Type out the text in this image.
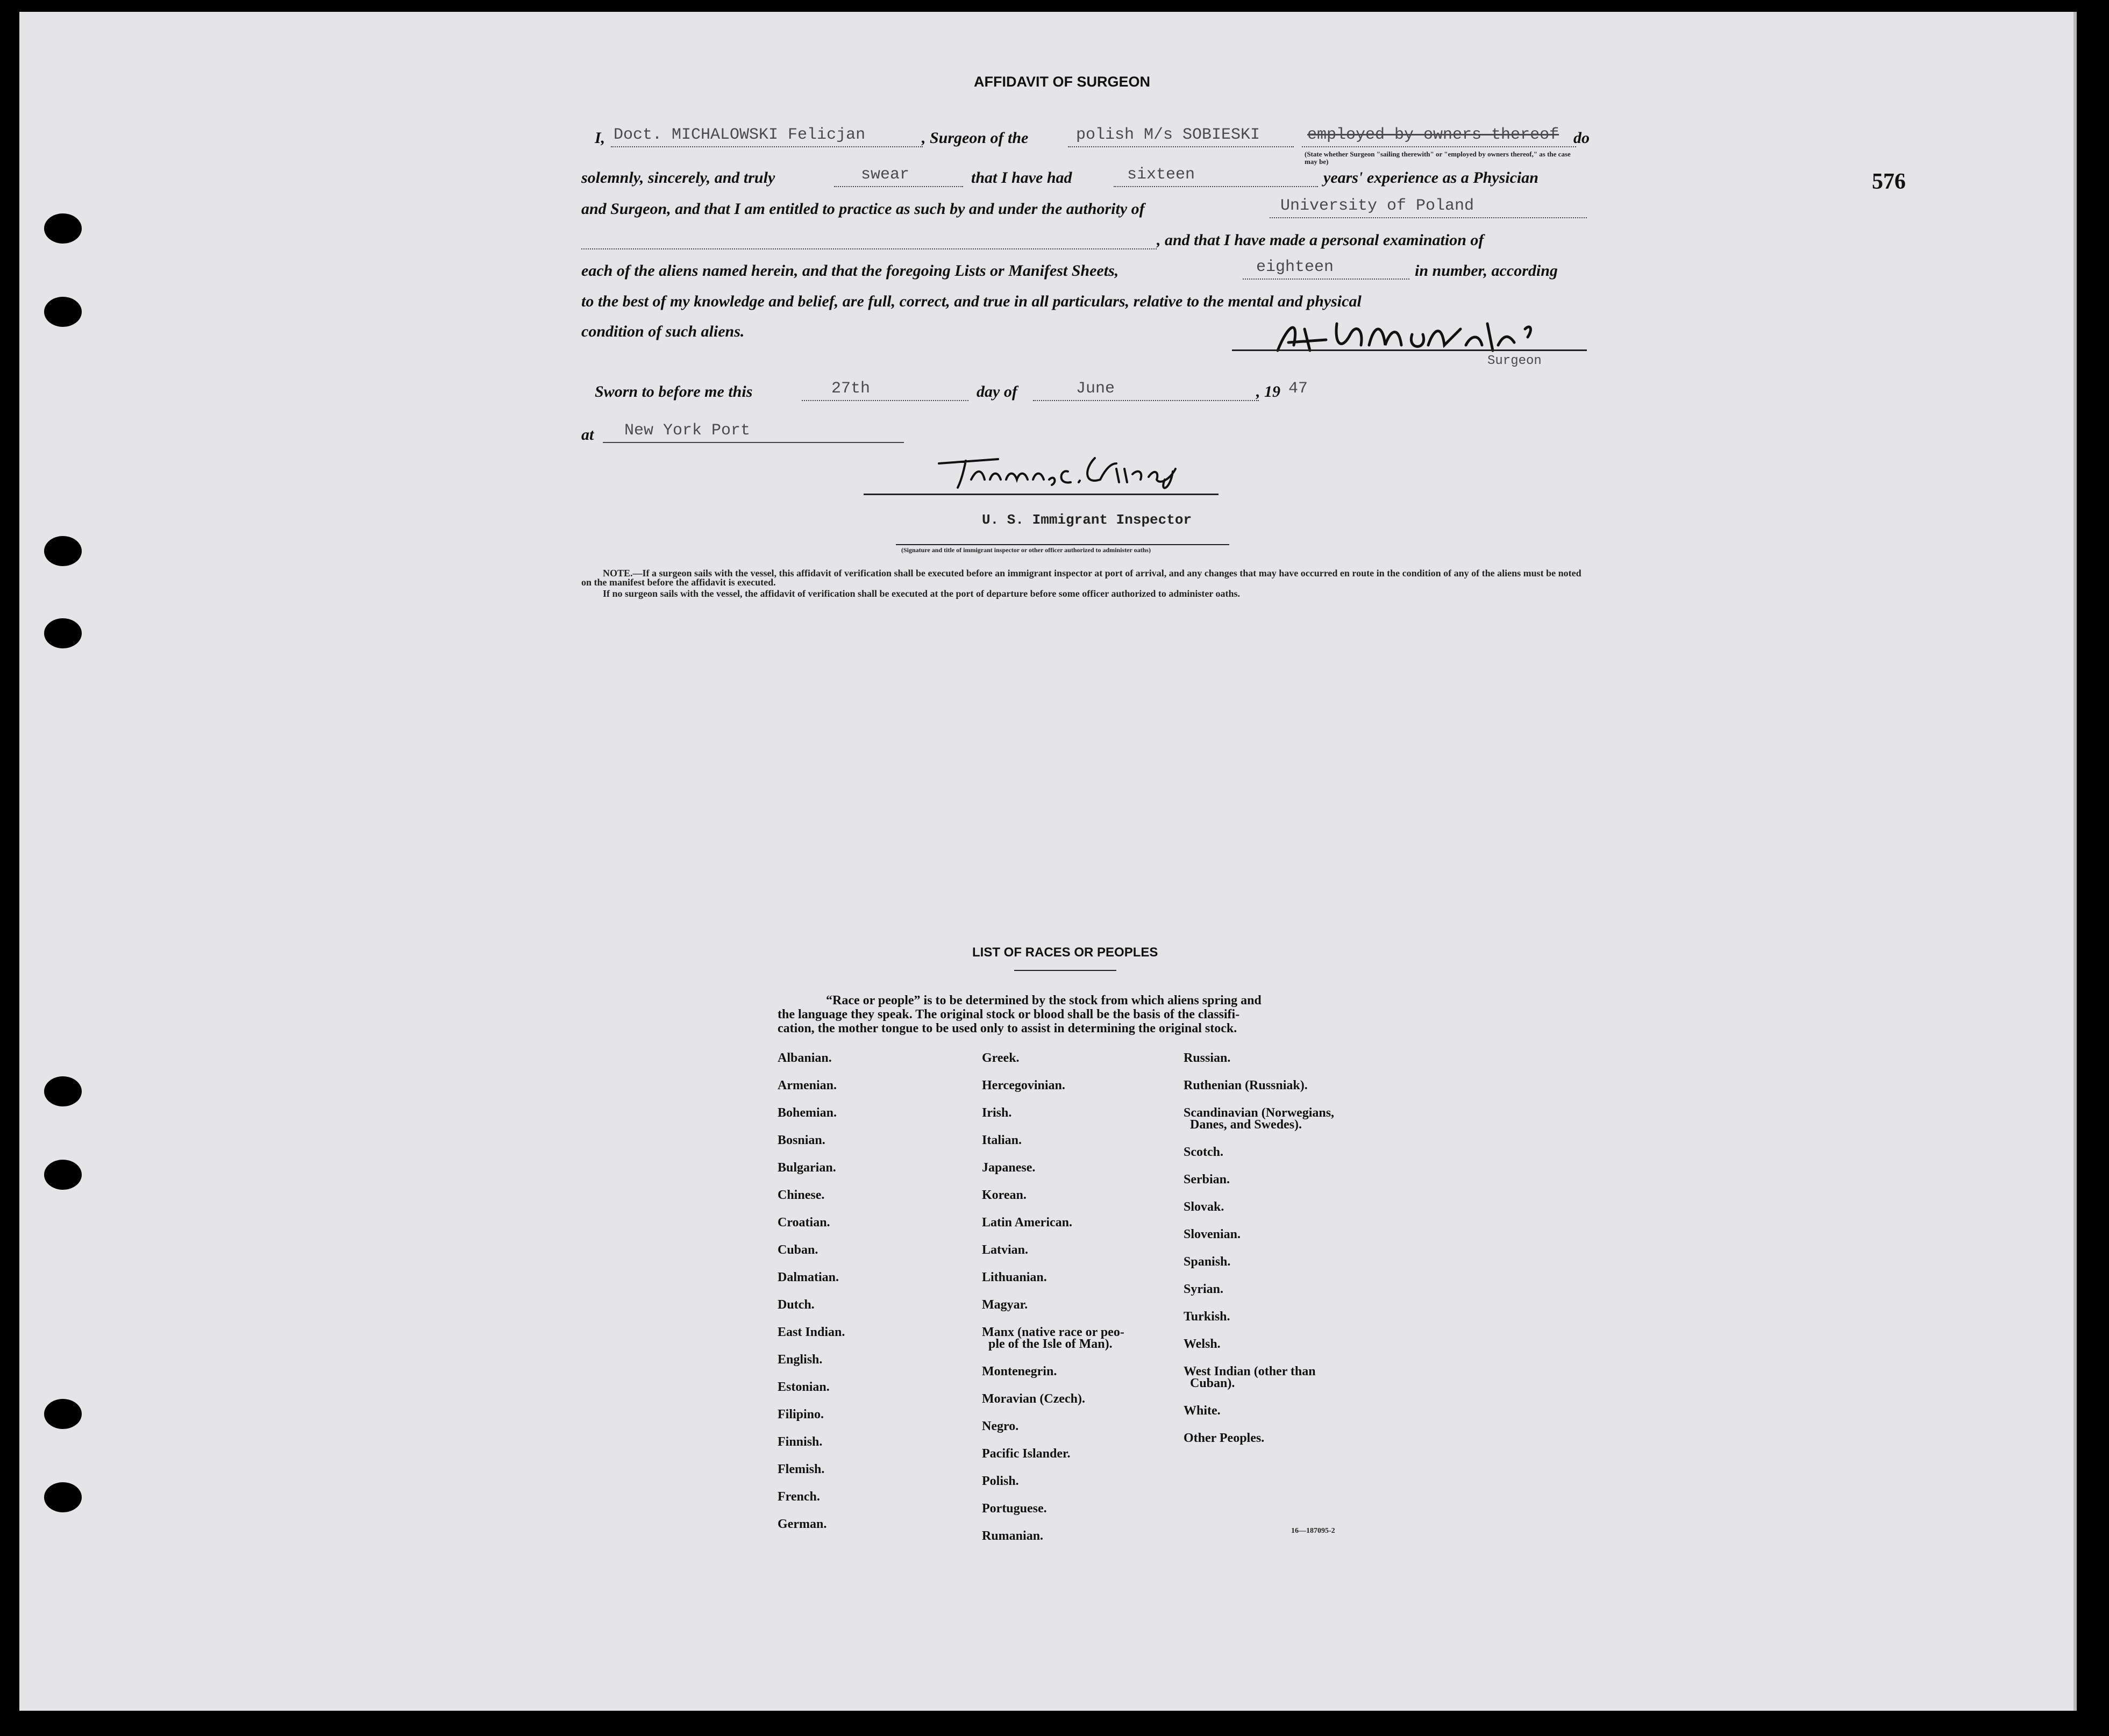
576
AFFIDAVIT OF SURGEON
I, Doct. MICHALOWSKI Felicjan	, Surgeon of the	polish M/s SOBIESKI	employed by owners thereof do
(State whether Surgeon "sailing therewith" or "employed by owners thereof," as the case may be)
solemnly, sincerely, and truly	swear	that I have had	sixteen	years' experience as a Physician
and Surgeon, and that I am entitled to practice as such by and under the authority of	University of Poland
, and that I have made a personal examination of
each of the aliens named herein, and that the foregoing Lists or Manifest Sheets,	eighteen	in number, according
to the best of my knowledge and belief, are full, correct, and true in all particulars, relative to the mental and physical
condition of such aliens.
Surgeon
Sworn to before me this	27th	day of	June	, 19 47
at New York Port
U. S. Immigrant Inspector
(Signature and title of immigrant inspector or other officer authorized to administer oaths)
NOTE.—If a surgeon sails with the vessel, this affidavit of verification shall be executed before an immigrant inspector at port of arrival, and any changes that may have occurred en route in the condition of any of the aliens must be noted on the manifest before the affidavit is executed.
If no surgeon sails with the vessel, the affidavit of verification shall be executed at the port of departure before some officer authorized to administer oaths.
LIST OF RACES OR PEOPLES
“Race or people” is to be determined by the stock from which aliens spring and
the language they speak. The original stock or blood shall be the basis of the classifi-
cation, the mother tongue to be used only to assist in determining the original stock.
Albanian.
Armenian.
Bohemian.
Bosnian.
Bulgarian.
Chinese.
Croatian.
Cuban.
Dalmatian.
Dutch.
East Indian.
English.
Estonian.
Filipino.
Finnish.
Flemish.
French.
German.
Greek.
Hercegovinian.
Irish.
Italian.
Japanese.
Korean.
Latin American.
Latvian.
Lithuanian.
Magyar.
Manx (native race or peo-
ple of the Isle of Man).
Montenegrin.
Moravian (Czech).
Negro.
Pacific Islander.
Polish.
Portuguese.
Rumanian.
Russian.
Ruthenian (Russniak).
Scandinavian (Norwegians,
Danes, and Swedes).
Scotch.
Serbian.
Slovak.
Slovenian.
Spanish.
Syrian.
Turkish.
Welsh.
West Indian (other than
Cuban).
White.
Other Peoples.
16—187095-2
